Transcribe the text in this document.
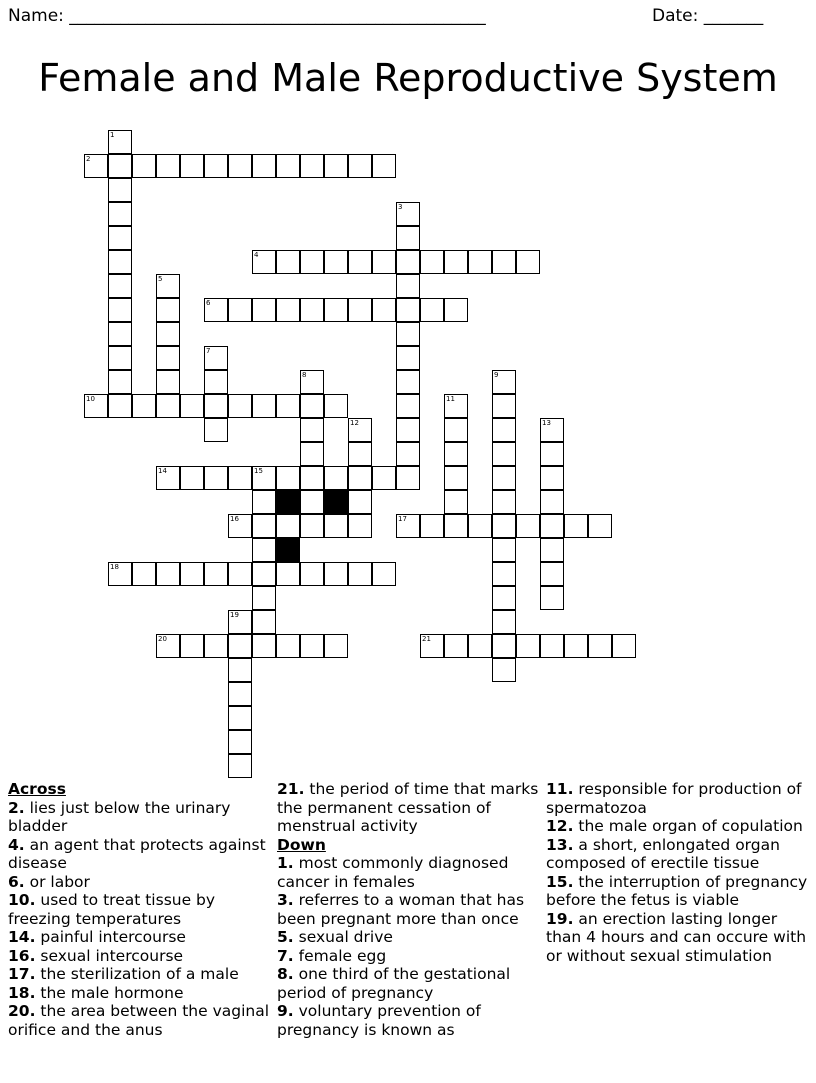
Name: _________________________________________________	Date: _______
Female and Male Reproductive System
2
4
6
10
14	15
16	17
18
20	21
1
3
5
7
8	9
11
12	13
19
Across

2. lies just below the urinary bladder

4. an agent that protects against disease

6. or labor

10. used to treat tissue by freezing temperatures

14. painful intercourse

16. sexual intercourse

17. the sterilization of a male

18. the male hormone

20. the area between the vaginal orifice and the anus

21. the period of time that marks the permanent cessation of menstrual activity

Down

1. most commonly diagnosed cancer in females

3. referres to a woman that has been pregnant more than once

5. sexual drive

7. female egg

8. one third of the gestational period of pregnancy

9. voluntary prevention of pregnancy is known as

11. responsible for production of spermatozoa

12. the male organ of copulation

13. a short, enlongated organ composed of erectile tissue

15. the interruption of pregnancy before the fetus is viable

19. an erection lasting longer than 4 hours and can occure with or without sexual stimulation
